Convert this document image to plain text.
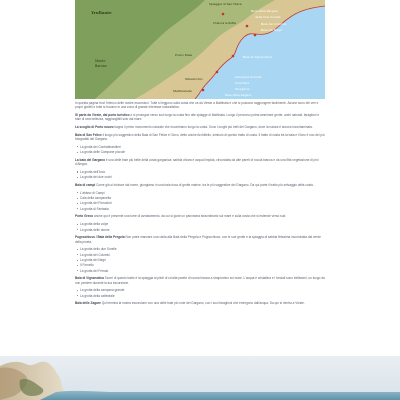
Trullante
Spiaggia di San Felice
Baia della Pergola
della Due Sorelle
Baia dei Colombi
Baia dei Negri
Chianca le Rotte
Monte
Barone
Baia di Vignanotica
Baia delle Zagare
Campana Grande
Colombia
Faraglioni
Pozzo Mele
Sfinalicchio
Mattinatella

In questa pagina trovi l'elenco delle nostre escursioni. Tutte si leggono sulla costa che va da Vieste a Mattinata e che si possono raggiungere facilmente. Alcune sono dei veri e propri gioielli e tutte si trovano in una zona di grande interesse naturalistico.

Si parte da Vieste, dal porto turistico e si prosegue verso sud lungo la costa fino alle spiagge di Mattinata. Lungo il percorso potrai ammirare grotte, archi naturali, faraglioni e baie di rara bellezza, raggiungibili solo dal mare.

La scoglio di Porto nuovo bagna il primo monumento naturale che incontriamo lungo la costa. Sono i luoghi più belli del Gargano, dove la natura è ancora incontaminata.

Baia di San Felice il luogo più suggestivo della Baia di San Felice è l'Arco, detto anche Architiello, simbolo di questo tratto di costa. Il tratto di costa tra la baia e il faro è uno dei più fotografati del Gargano.

La grotta dei Contrabbandieri
La grotta delle Campane piccole

La baia del Gargano è una delle baie più belle della costa garganica: sabbia chiara e acqua limpida, circondata da alte pareti di roccia bianca e da una fitta vegetazione di pini d'Aleppo.

La grotta dell'Arco
La grotta dei due occhi

Baia di campi Come già si intuisce dal nome, giungiamo in una baia ricca di grotte marine, tra le più suggestive del Gargano. Da qui parte il tratto più selvaggio della costa.

L'abisso di Campi
Cala della campanella
La grotta dei Pomodori
La grotta di Fantasia

Porto Greco anche qui è presente una torre di avvistamento, da cui si gode un panorama straordinario sul mare e sulla costa che si estende verso sud.

La grotta della volpe
La grotta delle donne

Pugnochiuso / Baia della Pergola Non potrà mancare una visita alla Baia della Pergola e Pugnochiuso, con le sue grotte e la spiaggia di sabbia finissima incorniciata dal verde della pineta.

La grotta dello due Sorelle
La grotta dei Colombi
La grotta dei Negri
Il Fornello
La grotta del Ferraio

Baia di Vignanotica Scorri di questo tratto è la spiaggia ai piedi di un'alta parete di roccia bianca a strapiombo sul mare. L'acqua è cristallina e i fondali sono bellissimi, un luogo da non perdere durante la tua escursione.

La grotta della campana grande
La grotta della cattedrale

Baia delle Zagare Qui termina la nostra escursione con una delle baie più note del Gargano, con i suoi faraglioni che emergono dall'acqua. Da qui si rientra a Vieste.
